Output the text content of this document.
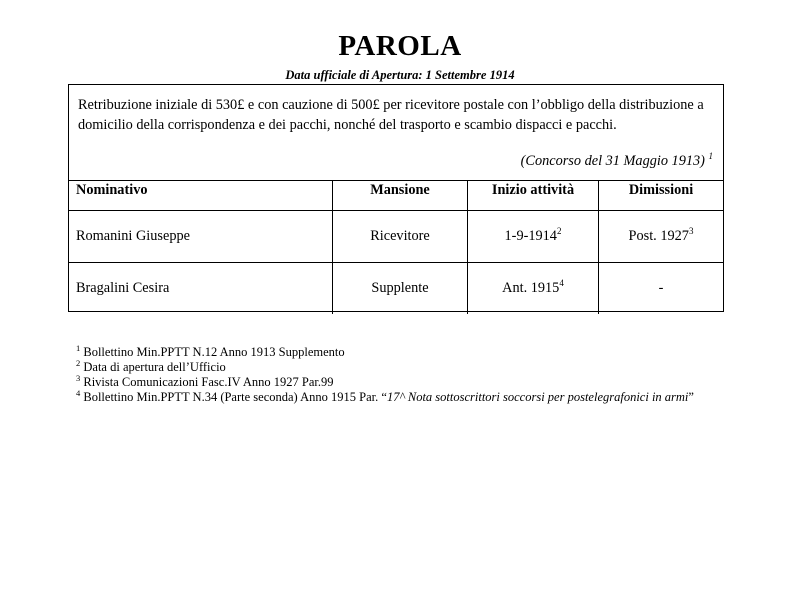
PAROLA
Data ufficiale di Apertura: 1 Settembre 1914

Retribuzione iniziale di 530£ e con cauzione di 500£ per ricevitore postale con l’obbligo della distribuzione a domicilio della corrispondenza e dei pacchi, nonché del trasporto e scambio dispacci e pacchi.

(Concorso del 31 Maggio 1913) $^1$
Nominativo	Mansione	Inizio attività	Dimissioni
Romanini Giuseppe	Ricevitore	1-9-1914$^2$	Post. 1927$^3$
Bragalini Cesira	Supplente	Ant. 1915$^4$	-

$^1$ Bollettino Min.PPTT N.12 Anno 1913 Supplemento

$^2$ Data di apertura dell’Ufficio

$^3$ Rivista Comunicazioni Fasc.IV Anno 1927 Par.99

$^4$ Bollettino Min.PPTT N.34 (Parte seconda) Anno 1915 Par. “17^ Nota sottoscrittori soccorsi per postelegrafonici in armi”
